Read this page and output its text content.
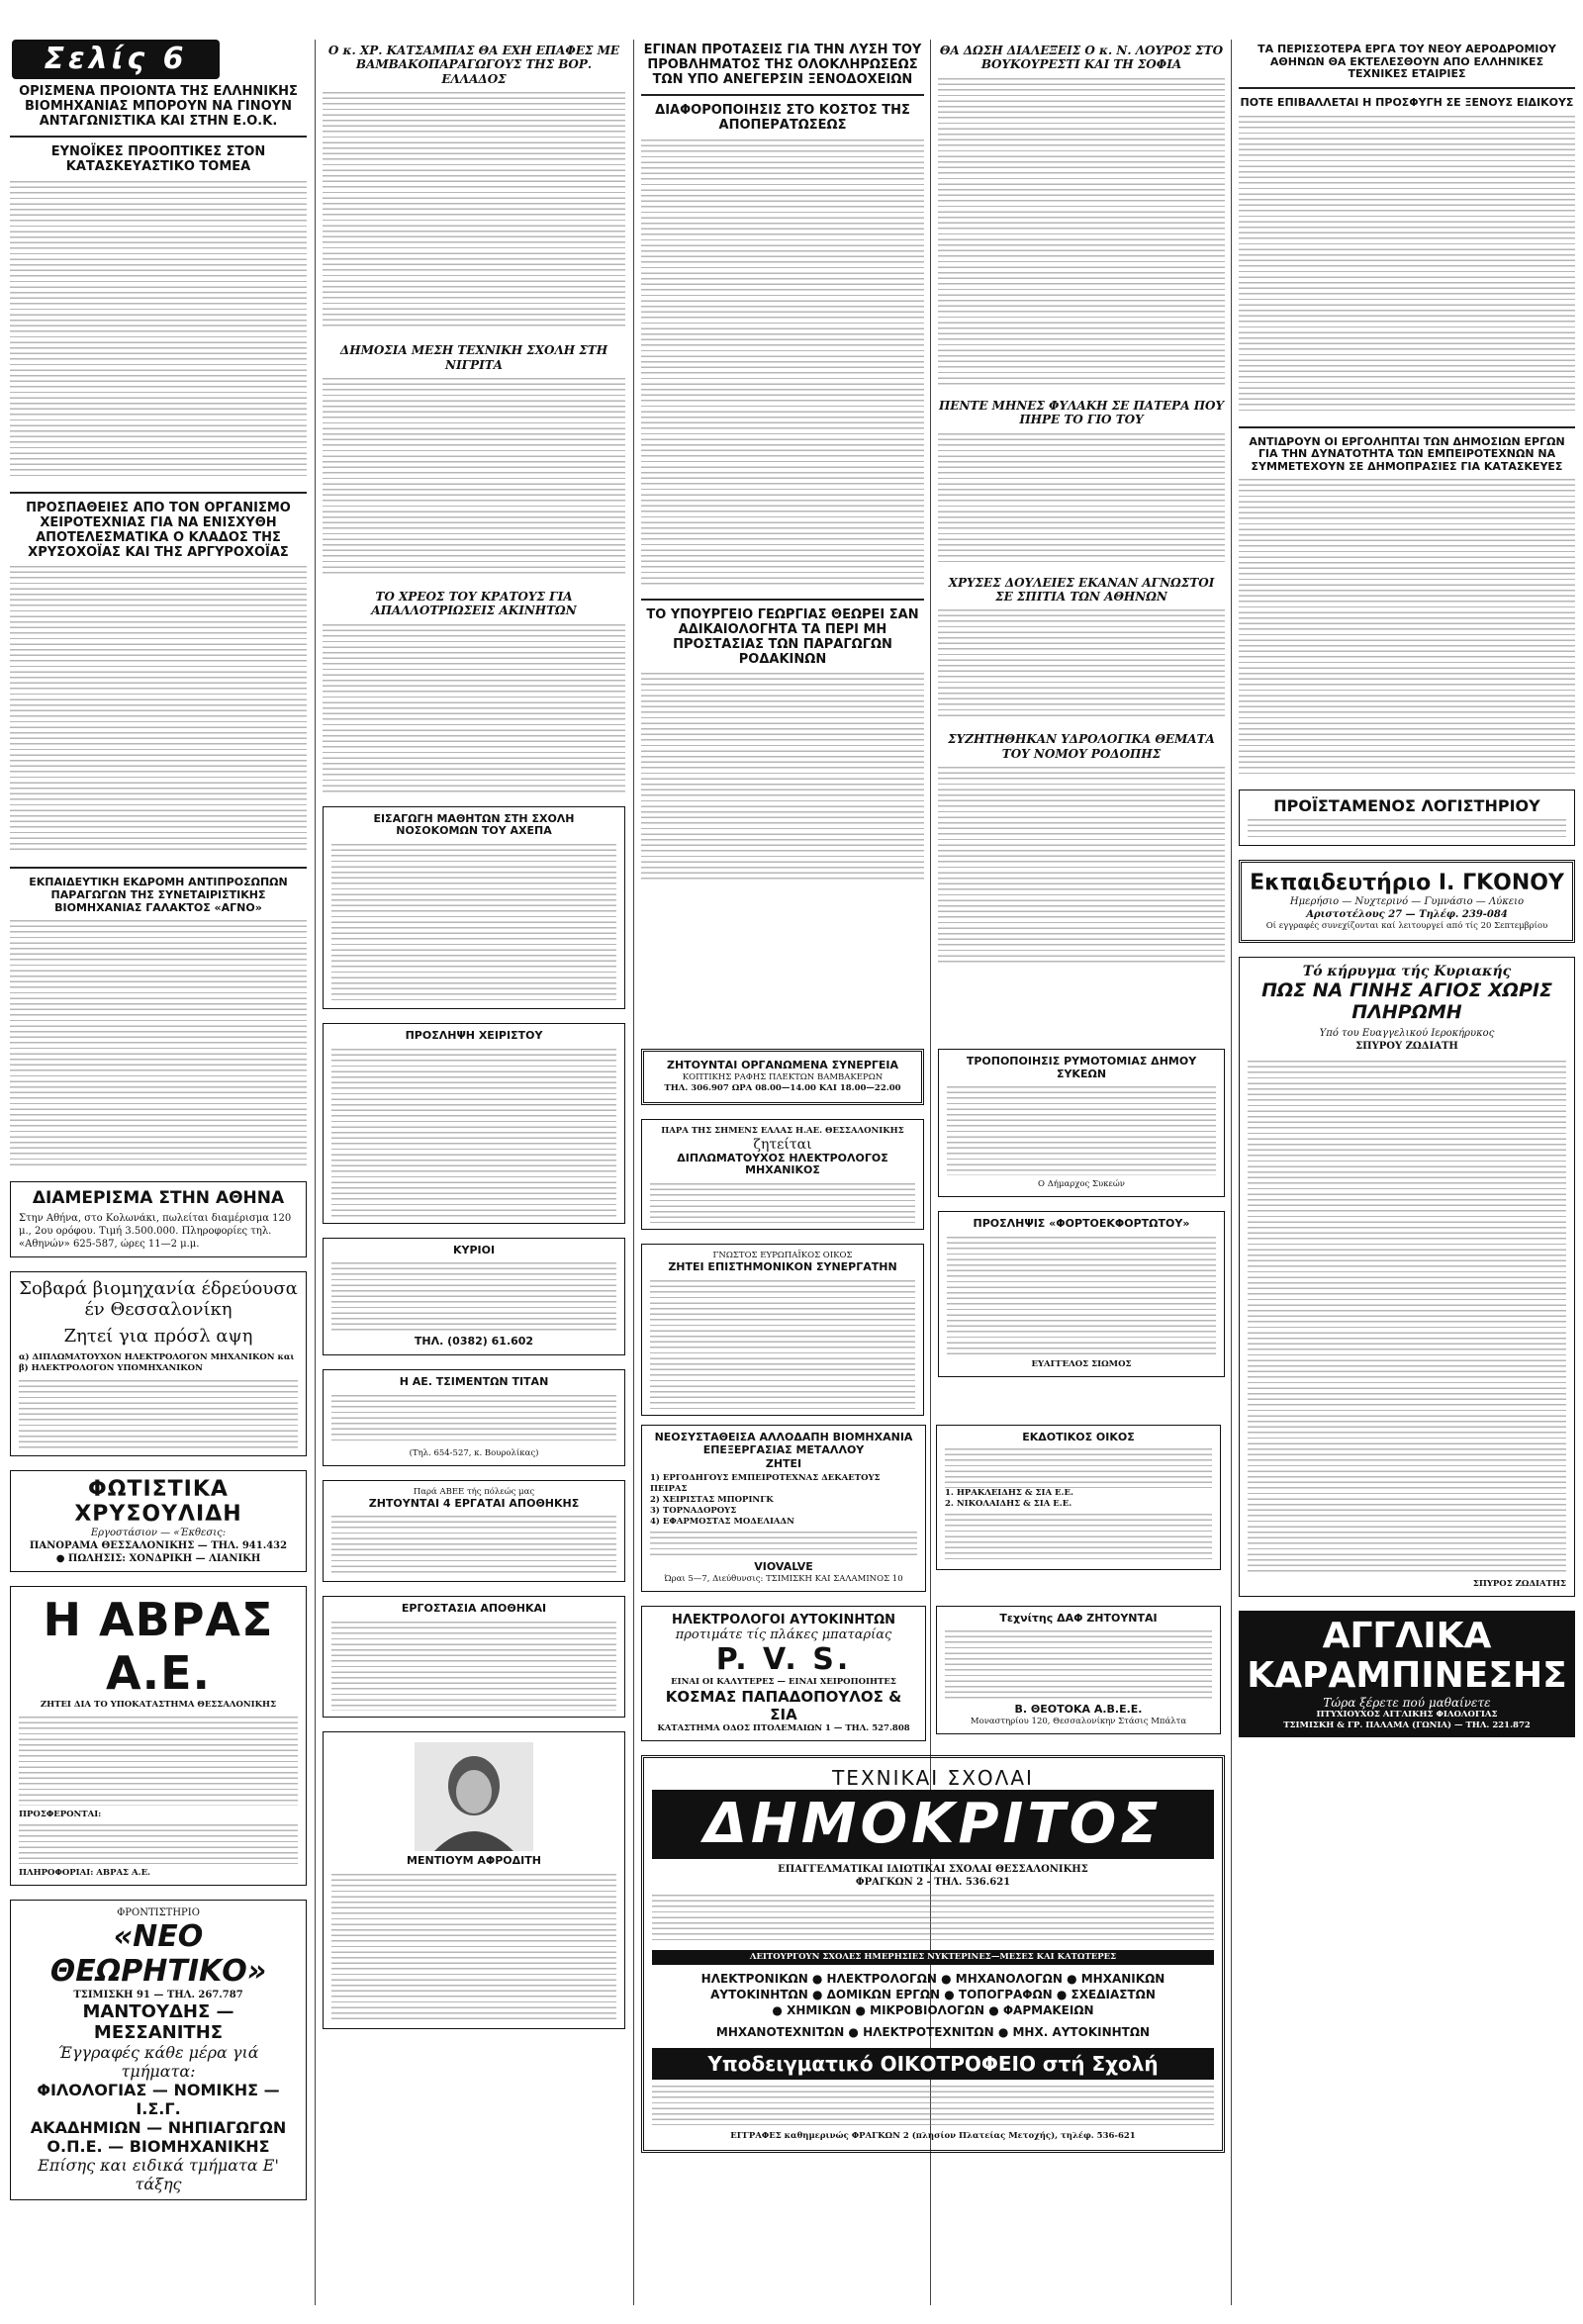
Σελίς 6
ΟΡΙΣΜΕΝΑ ΠΡΟΪΟΝΤΑ ΤΗΣ ΕΛΛΗΝΙΚΗΣ ΒΙΟΜΗΧΑΝΙΑΣ ΜΠΟΡΟΥΝ ΝΑ ΓΙΝΟΥΝ ΑΝΤΑΓΩΝΙΣΤΙΚΑ ΚΑΙ ΣΤΗΝ Ε.Ο.Κ.
ΕΥΝΟΪΚΕΣ ΠΡΟΟΠΤΙΚΕΣ ΣΤΟΝ ΚΑΤΑΣΚΕΥΑΣΤΙΚΟ ΤΟΜΕΑ
ΠΡΟΣΠΑΘΕΙΕΣ ΑΠΟ ΤΟΝ ΟΡΓΑΝΙΣΜΟ ΧΕΙΡΟΤΕΧΝΙΑΣ ΓΙΑ ΝΑ ΕΝΙΣΧΥΘΗ ΑΠΟΤΕΛΕΣΜΑΤΙΚΑ Ο ΚΛΑΔΟΣ ΤΗΣ ΧΡΥΣΟΧΟΪΑΣ ΚΑΙ ΤΗΣ ΑΡΓΥΡΟΧΟΪΑΣ
ΕΚΠΑΙΔΕΥΤΙΚΗ ΕΚΔΡΟΜΗ ΑΝΤΙΠΡΟΣΩΠΩΝ ΠΑΡΑΓΩΓΩΝ ΤΗΣ ΣΥΝΕΤΑΙΡΙΣΤΙΚΗΣ ΒΙΟΜΗΧΑΝΙΑΣ ΓΑΛΑΚΤΟΣ «ΑΓΝΟ»
ΔΙΑΜΕΡΙΣΜΑ ΣΤΗΝ ΑΘΗΝΑ
Στην Αθήνα, στο Κολωνάκι, πωλείται διαμέρισμα 120 μ., 2ου ορόφου. Τιμή 3.500.000. Πληροφορίες τηλ. «Αθηνών» 625-587, ώρες 11—2 μ.μ.
Σοβαρά βιομηχανία έδρεύουσα
έν Θεσσαλονίκη
Ζητεί για πρόσλ αψη
α) ΔΙΠΛΩΜΑΤΟΥΧΟΝ ΗΛΕΚΤΡΟΛΟΓΟΝ ΜΗΧΑΝΙΚΟΝ και
β) ΗΛΕΚΤΡΟΛΟΓΟΝ ΥΠΟΜΗΧΑΝΙΚΟΝ
ΦΩΤΙΣΤΙΚΑ ΧΡΥΣΟΥΛΙΔΗ
Εργοστάσιον — «Έκθεσις:
ΠΑΝΟΡΑΜΑ ΘΕΣΣΑΛΟΝΙΚΗΣ — ΤΗΛ. 941.432
● ΠΩΛΗΣΙΣ: ΧΟΝΔΡΙΚΗ — ΛΙΑΝΙΚΗ
Η ΑΒΡΑΣ Α.Ε.
ΖΗΤΕΙ ΔΙΑ ΤΟ ΥΠΟΚΑΤΑΣΤΗΜΑ ΘΕΣΣΑΛΟΝΙΚΗΣ
ΠΡΟΣΦΕΡΟΝΤΑΙ:
ΠΛΗΡΟΦΟΡΙΑΙ: ΑΒΡΑΣ Α.Ε.
ΦΡΟΝΤΙΣΤΗΡΙΟ
«ΝΕΟ ΘΕΩΡΗΤΙΚΟ»
ΤΣΙΜΙΣΚΗ 91 — ΤΗΛ. 267.787
ΜΑΝΤΟΥΔΗΣ — ΜΕΣΣΑΝΙΤΗΣ
Έγγραφές κάθε μέρα γιά τμήματα:
ΦΙΛΟΛΟΓΙΑΣ — ΝΟΜΙΚΗΣ — Ι.Σ.Γ.
ΑΚΑΔΗΜΙΩΝ — ΝΗΠΙΑΓΩΓΩΝ
Ο.Π.Ε. — ΒΙΟΜΗΧΑΝΙΚΗΣ
Επίσης και ειδικά τμήματα Ε' τάξης
Ο κ. ΧΡ. ΚΑΤΣΑΜΠΑΣ ΘΑ ΕΧΗ ΕΠΑΦΕΣ ΜΕ ΒΑΜΒΑΚΟΠΑΡΑΓΩΓΟΥΣ ΤΗΣ ΒΟΡ. ΕΛΛΑΔΟΣ
ΔΗΜΟΣΙΑ ΜΕΣΗ ΤΕΧΝΙΚΗ ΣΧΟΛΗ ΣΤΗ ΝΙΓΡΙΤΑ
ΤΟ ΧΡΕΟΣ ΤΟΥ ΚΡΑΤΟΥΣ ΓΙΑ ΑΠΑΛΛΟΤΡΙΩΣΕΙΣ ΑΚΙΝΗΤΩΝ
ΕΙΣΑΓΩΓΗ ΜΑΘΗΤΩΝ ΣΤΗ ΣΧΟΛΗ ΝΟΣΟΚΟΜΩΝ ΤΟΥ ΑΧΕΠΑ
ΠΡΟΣΛΗΨΗ ΧΕΙΡΙΣΤΟΥ
ΚΥΡΙΟΙ
ΤΗΛ. (0382) 61.602
Η ΑΕ. ΤΣΙΜΕΝΤΩΝ ΤΙΤΑΝ
(Τηλ. 654-527, κ. Βουρολίκας)
Παρά ΑΒΕΕ τής πόλεώς μας
ΖΗΤΟΥΝΤΑΙ 4 ΕΡΓΑΤΑΙ ΑΠΟΘΗΚΗΣ
ΕΡΓΟΣΤΑΣΙΑ ΑΠΟΘΗΚΑΙ
ΜΕΝΤΙΟΥΜ ΑΦΡΟΔΙΤΗ
ΕΓΙΝΑΝ ΠΡΟΤΑΣΕΙΣ ΓΙΑ ΤΗΝ ΛΥΣΗ ΤΟΥ ΠΡΟΒΛΗΜΑΤΟΣ ΤΗΣ ΟΛΟΚΛΗΡΩΣΕΩΣ ΤΩΝ ΥΠΟ ΑΝΕΓΕΡΣΙΝ ΞΕΝΟΔΟΧΕΙΩΝ
ΔΙΑΦΟΡΟΠΟΙΗΣΙΣ ΣΤΟ ΚΟΣΤΟΣ ΤΗΣ ΑΠΟΠΕΡΑΤΩΣΕΩΣ
ΤΟ ΥΠΟΥΡΓΕΙΟ ΓΕΩΡΓΙΑΣ ΘΕΩΡΕΙ ΣΑΝ ΑΔΙΚΑΙΟΛΟΓΗΤΑ ΤΑ ΠΕΡΙ ΜΗ ΠΡΟΣΤΑΣΙΑΣ ΤΩΝ ΠΑΡΑΓΩΓΩΝ ΡΟΔΑΚΙΝΩΝ
ΘΑ ΔΩΣΗ ΔΙΑΛΕΞΕΙΣ Ο κ. Ν. ΛΟΥΡΟΣ ΣΤΟ ΒΟΥΚΟΥΡΕΣΤΙ ΚΑΙ ΤΗ ΣΟΦΙΑ
ΠΕΝΤΕ ΜΗΝΕΣ ΦΥΛΑΚΗ ΣΕ ΠΑΤΕΡΑ ΠΟΥ ΠΗΡΕ ΤΟ ΓΙΟ ΤΟΥ
ΧΡΥΣΕΣ ΔΟΥΛΕΙΕΣ ΕΚΑΝΑΝ ΑΓΝΩΣΤΟΙ ΣΕ ΣΠΙΤΙΑ ΤΩΝ ΑΘΗΝΩΝ
ΣΥΖΗΤΗΘΗΚΑΝ ΥΔΡΟΛΟΓΙΚΑ ΘΕΜΑΤΑ ΤΟΥ ΝΟΜΟΥ ΡΟΔΟΠΗΣ
ΖΗΤΟΥΝΤΑΙ ΟΡΓΑΝΩΜΕΝΑ ΣΥΝΕΡΓΕΙΑ
ΚΟΠΤΙΚΗΣ ΡΑΦΗΣ ΠΛΕΚΤΩΝ ΒΑΜΒΑΚΕΡΩΝ
ΤΗΛ. 306.907 ΩΡΑ 08.00—14.00 ΚΑΙ 18.00—22.00
ΠΑΡΑ ΤΗΣ ΣΗΜΕΝΣ ΕΛΛΑΣ Η.ΑΕ. ΘΕΣΣΑΛΟΝΙΚΗΣ
ζητείται
ΔΙΠΛΩΜΑΤΟΥΧΟΣ ΗΛΕΚΤΡΟΛΟΓΟΣ ΜΗΧΑΝΙΚΟΣ
ΓΝΩΣΤΟΣ ΕΥΡΩΠΑΪΚΟΣ ΟΙΚΟΣ
ΖΗΤΕΙ ΕΠΙΣΤΗΜΟΝΙΚΟΝ ΣΥΝΕΡΓΑΤΗΝ
ΤΡΟΠΟΠΟΙΗΣΙΣ ΡΥΜΟΤΟΜΙΑΣ ΔΗΜΟΥ ΣΥΚΕΩΝ
Ο Δήμαρχος Συκεών
ΠΡΟΣΛΗΨΙΣ «ΦΟΡΤΟΕΚΦΟΡΤΩΤΟΥ»
ΕΥΑΓΓΕΛΟΣ ΣΙΩΜΟΣ
ΝΕΟΣΥΣΤΑΘΕΙΣΑ ΑΛΛΟΔΑΠΗ ΒΙΟΜΗΧΑΝΙΑ ΕΠΕΞΕΡΓΑΣΙΑΣ ΜΕΤΑΛΛΟΥ
ΖΗΤΕΙ
1) ΕΡΓΟΔΗΓΟΥΣ ΕΜΠΕΙΡΟΤΕΧΝΑΣ ΔΕΚΑΕΤΟΥΣ ΠΕΙΡΑΣ
2) ΧΕΙΡΙΣΤΑΣ ΜΠΟΡΙΝΓΚ
3) ΤΟΡΝΑΔΟΡΟΥΣ
4) ΕΦΑΡΜΟΣΤΑΣ ΜΟΔΕΛΙΑΔΝ
VIOVALVE
Ώραι 5—7, Διεύθυνσις: ΤΣΙΜΙΣΚΗ ΚΑΙ ΣΑΛΑΜΙΝΟΣ 10
ΕΚΔΟΤΙΚΟΣ ΟΙΚΟΣ
1. ΗΡΑΚΛΕΙΔΗΣ & ΣΙΑ Ε.Ε.
2. ΝΙΚΟΛΑΙΔΗΣ & ΣΙΑ Ε.Ε.
ΗΛΕΚΤΡΟΛΟΓΟΙ ΑΥΤΟΚΙΝΗΤΩΝ
προτιμάτε τίς πλάκες μπαταρίας
P. V. S.
ΕΙΝΑΙ ΟΙ ΚΑΛΥΤΕΡΕΣ — ΕΙΝΑΙ ΧΕΙΡΟΠΟΙΗΤΕΣ
ΚΟΣΜΑΣ ΠΑΠΑΔΟΠΟΥΛΟΣ & ΣΙΑ
ΚΑΤΑΣΤΗΜΑ ΟΔΟΣ ΠΤΟΛΕΜΑΙΩΝ 1 — ΤΗΛ. 527.808
Τεχνίτης ΔΑΦ ΖΗΤΟΥΝΤΑΙ
Β. ΘΕΟΤΟΚΑ Α.Β.Ε.Ε.
Μοναστηρίου 120, Θεσσαλονίκην Στάσις Μπάλτα
ΤΕΧΝΙΚΑΙ ΣΧΟΛΑΙ
ΔΗΜΟΚΡΙΤΟΣ
ΕΠΑΓΓΕΛΜΑΤΙΚΑΙ ΙΔΙΩΤΙΚΑΙ ΣΧΟΛΑΙ ΘΕΣΣΑΛΟΝΙΚΗΣ
ΦΡΑΓΚΩΝ 2 - ΤΗΛ. 536.621
ΛΕΙΤΟΥΡΓΟΥΝ ΣΧΟΛΕΣ ΗΜΕΡΗΣΙΕΣ ΝΥΚΤΕΡΙΝΕΣ—ΜΕΣΕΣ ΚΑΙ ΚΑΤΩΤΕΡΕΣ
ΗΛΕΚΤΡΟΝΙΚΩΝ ● ΗΛΕΚΤΡΟΛΟΓΩΝ ● ΜΗΧΑΝΟΛΟΓΩΝ ● ΜΗΧΑΝΙΚΩΝ
ΑΥΤΟΚΙΝΗΤΩΝ ● ΔΟΜΙΚΩΝ ΕΡΓΩΝ ● ΤΟΠΟΓΡΑΦΩΝ ● ΣΧΕΔΙΑΣΤΩΝ
● ΧΗΜΙΚΩΝ ● ΜΙΚΡΟΒΙΟΛΟΓΩΝ ● ΦΑΡΜΑΚΕΙΩΝ
ΜΗΧΑΝΟΤΕΧΝΙΤΩΝ ● ΗΛΕΚΤΡΟΤΕΧΝΙΤΩΝ ● ΜΗΧ. ΑΥΤΟΚΙΝΗΤΩΝ
Υποδειγματικό ΟΙΚΟΤΡΟΦΕΙΟ στή Σχολή
ΕΓΓΡΑΦΕΣ καθημερινώς ΦΡΑΓΚΩΝ 2 (πλησίον Πλατείας Μετοχής), τηλέφ. 536-621
ΤΑ ΠΕΡΙΣΣΟΤΕΡΑ ΕΡΓΑ ΤΟΥ ΝΕΟΥ ΑΕΡΟΔΡΟΜΙΟΥ ΑΘΗΝΩΝ ΘΑ ΕΚΤΕΛΕΣΘΟΥΝ ΑΠΟ ΕΛΛΗΝΙΚΕΣ ΤΕΧΝΙΚΕΣ ΕΤΑΙΡΙΕΣ
ΠΟΤΕ ΕΠΙΒΑΛΛΕΤΑΙ Η ΠΡΟΣΦΥΓΗ ΣΕ ΞΕΝΟΥΣ ΕΙΔΙΚΟΥΣ
ΑΝΤΙΔΡΟΥΝ ΟΙ ΕΡΓΟΛΗΠΤΑΙ ΤΩΝ ΔΗΜΟΣΙΩΝ ΕΡΓΩΝ ΓΙΑ ΤΗΝ ΔΥΝΑΤΟΤΗΤΑ ΤΩΝ ΕΜΠΕΙΡΟΤΕΧΝΩΝ ΝΑ ΣΥΜΜΕΤΕΧΟΥΝ ΣΕ ΔΗΜΟΠΡΑΣΙΕΣ ΓΙΑ ΚΑΤΑΣΚΕΥΕΣ
ΠΡΟΪΣΤΑΜΕΝΟΣ ΛΟΓΙΣΤΗΡΙΟΥ
Εκπαιδευτήριο Ι. ΓΚΟΝΟΥ
Ημερήσιο — Νυχτερινό — Γυμνάσιο — Λύκειο
Αριστοτέλους 27 — Τηλέφ. 239-084
Οί εγγραφές συνεχίζονται καί λειτουργεί από τίς 20 Σεπτεμβρίου
Τό κήρυγμα τής Κυριακής
ΠΩΣ ΝΑ ΓΙΝΗΣ ΑΓΙΟΣ ΧΩΡΙΣ ΠΛΗΡΩΜΗ
Υπό του Ευαγγελικού Ιεροκήρυκος
ΣΠΥΡΟΥ ΖΩΔΙΑΤΗ
ΣΠΥΡΟΣ ΖΩΔΙΑΤΗΣ
ΑΓΓΛΙΚΑ ΚΑΡΑΜΠΙΝΕΣΗΣ
Τώρα ξέρετε πού μαθαίνετε
ΠΤΥΧΙΟΥΧΟΣ ΑΓΓΛΙΚΗΣ ΦΙΛΟΛΟΓΙΑΣ
ΤΣΙΜΙΣΚΗ & ΓΡ. ΠΑΛΑΜΑ (ΓΩΝΙΑ) — ΤΗΛ. 221.872
